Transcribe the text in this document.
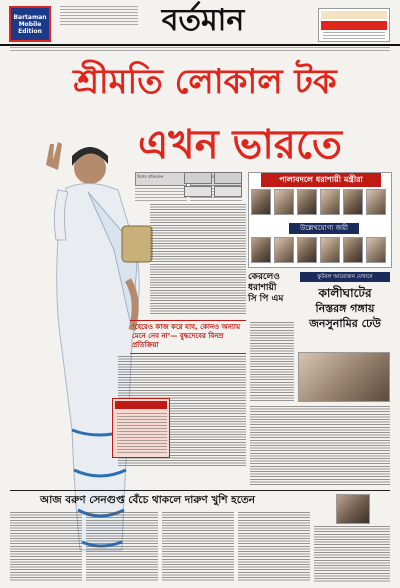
Bartaman Mobile Edition	বর্তমান
শ্রীমতি লোকাল টক
এখন ভারতে
বিশেষ প্রতিবেদন
‘হেরেও কাজ করে যাব, কোনও অন্যায় মেনে নেব না’— বুদ্ধদেবের বিনম্র প্রতিক্রিয়া
পালাবদলে ধরাশায়ী মন্ত্রীরা
উল্লেখযোগ্য জয়ী
কেরলেও
ধরাশায়ী
সি পি এম
ফুটবল আয়োজন যেখানে
কালীঘাটের
নিস্তরঙ্গ গঙ্গায়
জনসুনামির ঢেউ
আজ বরুণ সেনগুপ্ত বেঁচে থাকলে দারুণ খুশি হতেন
